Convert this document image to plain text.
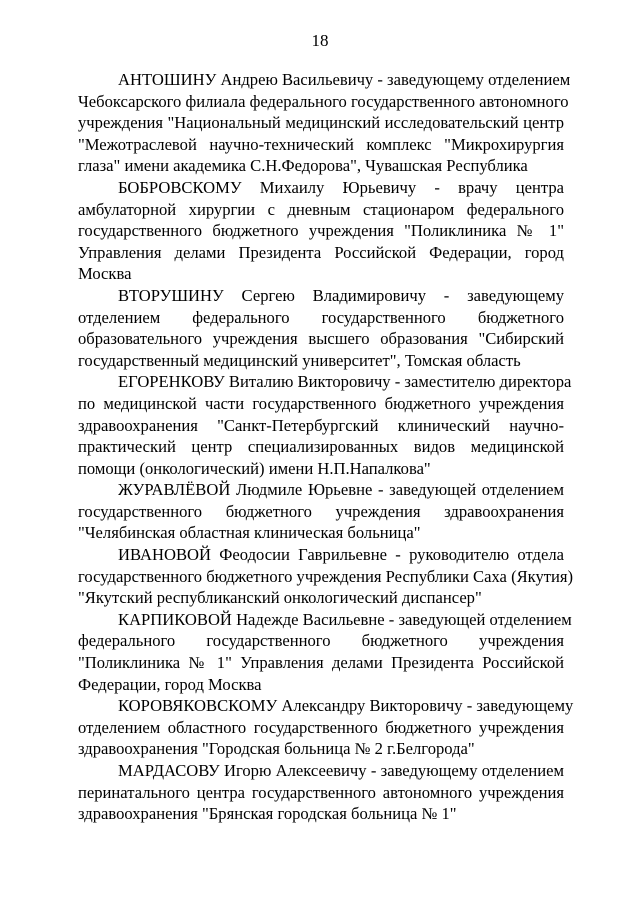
18
АНТОШИНУ Андрею Васильевичу - заведующему отделением
Чебоксарского филиала федерального государственного автономного
учреждения "Национальный медицинский исследовательский центр
"Межотраслевой научно-технический комплекс "Микрохирургия
глаза" имени академика С.Н.Федорова", Чувашская Республика
БОБРОВСКОМУ Михаилу Юрьевичу - врачу центра
амбулаторной хирургии с дневным стационаром федерального
государственного бюджетного учреждения "Поликлиника № 1"
Управления делами Президента Российской Федерации, город
Москва
ВТОРУШИНУ Сергею Владимировичу - заведующему
отделением федерального государственного бюджетного
образовательного учреждения высшего образования "Сибирский
государственный медицинский университет", Томская область
ЕГОРЕНКОВУ Виталию Викторовичу - заместителю директора
по медицинской части государственного бюджетного учреждения
здравоохранения "Санкт-Петербургский клинический научно-
практический центр специализированных видов медицинской
помощи (онкологический) имени Н.П.Напалкова"
ЖУРАВЛЁВОЙ Людмиле Юрьевне - заведующей отделением
государственного бюджетного учреждения здравоохранения
"Челябинская областная клиническая больница"
ИВАНОВОЙ Феодосии Гаврильевне - руководителю отдела
государственного бюджетного учреждения Республики Саха (Якутия)
"Якутский республиканский онкологический диспансер"
КАРПИКОВОЙ Надежде Васильевне - заведующей отделением
федерального государственного бюджетного учреждения
"Поликлиника № 1" Управления делами Президента Российской
Федерации, город Москва
КОРОВЯКОВСКОМУ Александру Викторовичу - заведующему
отделением областного государственного бюджетного учреждения
здравоохранения "Городская больница № 2 г.Белгорода"
МАРДАСОВУ Игорю Алексеевичу - заведующему отделением
перинатального центра государственного автономного учреждения
здравоохранения "Брянская городская больница № 1"
